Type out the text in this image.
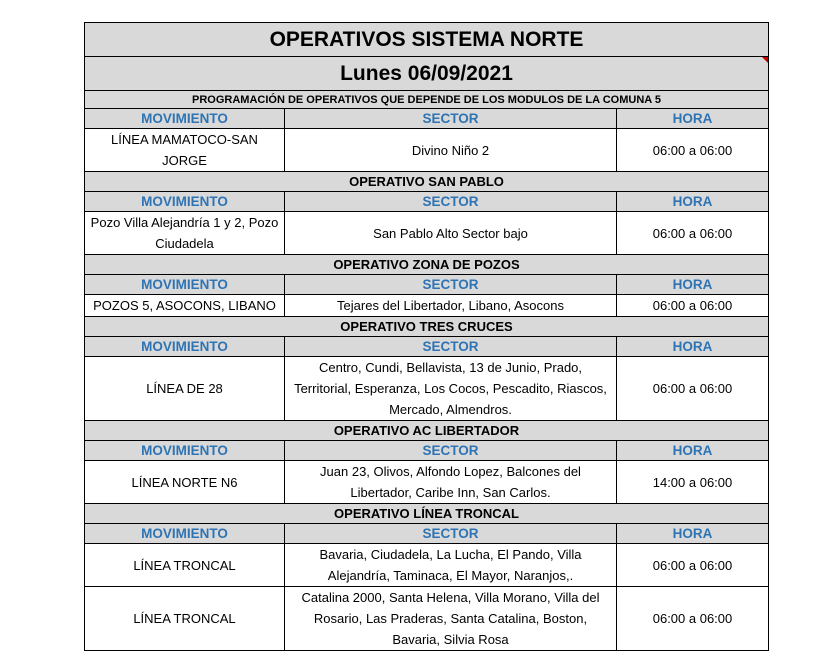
OPERATIVOS SISTEMA NORTE		
Lunes 06/09/2021		

PROGRAMACIÓN DE OPERATIVOS QUE DEPENDE DE LOS MODULOS DE LA COMUNA 5		
MOVIMIENTO	SECTOR	HORA
LÍNEA MAMATOCO-SAN JORGE	Divino Niño 2	06:00 a 06:00
OPERATIVO SAN PABLO		
MOVIMIENTO	SECTOR	HORA
Pozo Villa Alejandría 1 y 2, Pozo Ciudadela	San Pablo Alto Sector bajo	06:00 a 06:00
OPERATIVO ZONA DE POZOS		
MOVIMIENTO	SECTOR	HORA
POZOS 5, ASOCONS, LIBANO	Tejares del Libertador, Libano, Asocons	06:00 a 06:00
OPERATIVO TRES CRUCES		
MOVIMIENTO	SECTOR	HORA
LÍNEA DE 28	Centro, Cundi, Bellavista, 13 de Junio, Prado, Territorial, Esperanza, Los Cocos, Pescadito, Riascos, Mercado, Almendros.	06:00 a 06:00
OPERATIVO AC LIBERTADOR		
MOVIMIENTO	SECTOR	HORA
LÍNEA NORTE N6	Juan 23, Olivos, Alfondo Lopez, Balcones del Libertador, Caribe Inn, San Carlos.	14:00 a 06:00
OPERATIVO LÍNEA TRONCAL		
MOVIMIENTO	SECTOR	HORA
LÍNEA TRONCAL	Bavaria, Ciudadela, La Lucha, El Pando, Villa Alejandría, Taminaca, El Mayor, Naranjos,.	06:00 a 06:00
LÍNEA TRONCAL	Catalina 2000, Santa Helena, Villa Morano, Villa del Rosario, Las Praderas, Santa Catalina, Boston, Bavaria, Silvia Rosa	06:00 a 06:00
